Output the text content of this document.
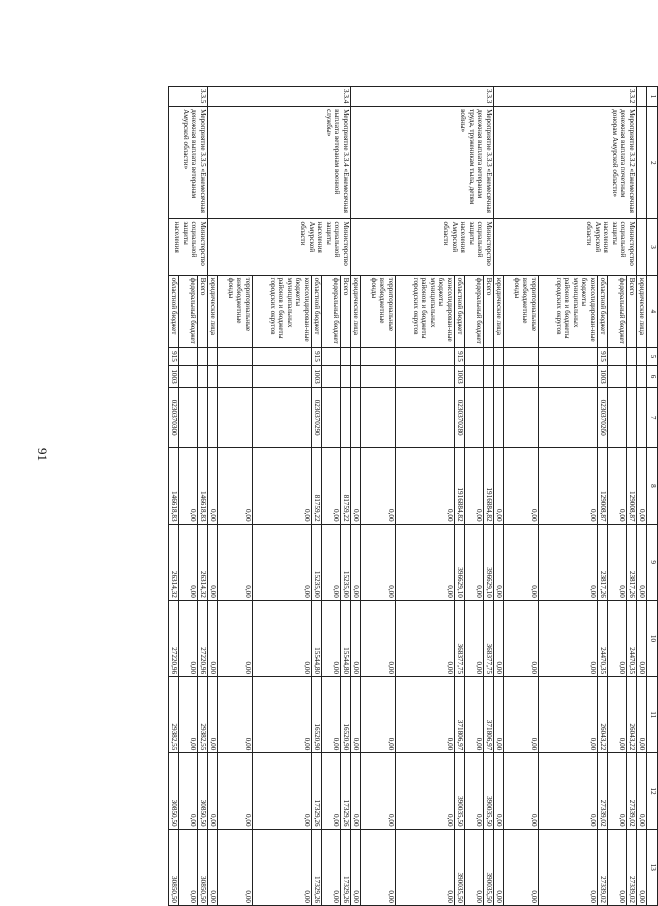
91
1	2	3	4	5	6	7	8	9	10	11	12	13
			юридические лица				0,00	0,00	0,00	0,00	0,00	0,00
3.3.2	Мероприятие 3.3.2 «Ежемесячная денежная выплата почетным донорам Амурской области»	Министерство социальной защиты населения Амурской области	Всего				129008,87	23817,26	24470,35	26043,22	27339,02	27339,02
			федеральный бюджет				0,00	0,00	0,00	0,00	0,00	0,00
			областной бюджет	915	1003	02303702б0	129008,87	23817,26	24470,35	26043,22	27339,02	27339,02
			консолидирован-ные бюджеты муниципальных районов и бюджеты городских округов				0,00	0,00	0,00	0,00	0,00	0,00
			территориальные внебюджетные фонды				0,00	0,00	0,00	0,00	0,00	0,00
			юридические лица				0,00	0,00	0,00	0,00	0,00	0,00
3.3.3	Мероприятие 3.3.3 «Ежемесячная денежная выплата ветеранам труда, труженикам тыла, детям войны»	Министерство социальной защиты населения Амурской области	Всего				1916884,82	396629,10	368377,75	371806,97	390035,50	390035,50
			федеральный бюджет				0,00	0,00	0,00	0,00	0,00	0,00
			областной бюджет	915	1003	0230370280	1916884,82	396629,10	368377,75	371806,97	390035,50	390035,50
			консолидирован-ные бюджеты муниципальных районов и бюджеты городских округов				0,00	0,00	0,00	0,00	0,00	0,00
			территориальные внебюджетные фонды				0,00	0,00	0,00	0,00	0,00	0,00
			юридические лица				0,00	0,00	0,00	0,00	0,00	0,00
3.3.4	Мероприятие 3.3.4 «Ежемесячная выплата ветеранам военной службы»	Министерство социальной защиты населения Амурской области	Всего				81759,22	15235,00	15544,80	16520,90	17329,26	17329,26
			федеральный бюджет				0,00	0,00	0,00	0,00	0,00	0,00
			областной бюджет	915	1003	0230370290	81759,22	15235,00	15544,80	16520,90	17329,26	17329,26
			консолидирован-ные бюджеты муниципальных районов и бюджеты городских округов				0,00	0,00	0,00	0,00	0,00	0,00
			территориальные внебюджетные фонды				0,00	0,00	0,00	0,00	0,00	0,00
			юридические лица				0,00	0,00	0,00	0,00	0,00	0,00
3.3.5	Мероприятие 3.3.5 «Ежемесячная денежная выплата ветеранам Амурской области»	Министерство социальной защиты населения	Всего				146618,83	26314,32	27220,96	29382,55	30850,50	30850,50
			федеральный бюджет				0,00	0,00	0,00	0,00	0,00	0,00
			областной бюджет	915	1003	0230370300	146618,83	26314,32	27220,96	29382,55	30850,50	30850,50
